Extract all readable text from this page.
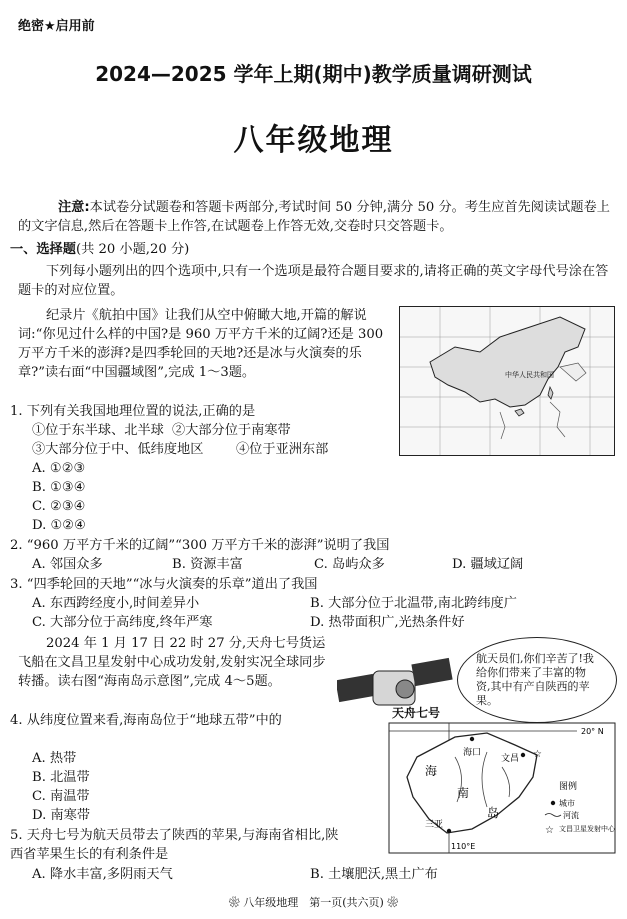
绝密★启用前
2024—2025 学年上期(期中)教学质量调研测试
八年级地理
注意:本试卷分试题卷和答题卡两部分,考试时间 50 分钟,满分 50 分。考生应首先阅读试题卷上的文字信息,然后在答题卡上作答,在试题卷上作答无效,交卷时只交答题卡。
一、选择题(共 20 小题,20 分)
下列每小题列出的四个选项中,只有一个选项是最符合题目要求的,请将正确的英文字母代号涂在答题卡的对应位置。
纪录片《航拍中国》让我们从空中俯瞰大地,开篇的解说词:“你见过什么样的中国?是 960 万平方千米的辽阔?还是 300 万平方千米的澎湃?是四季轮回的天地?还是冰与火演奏的乐章?”读右面“中国疆域图”,完成 1～3题。	中华人民共和国
1. 下列有关我国地理位置的说法,正确的是
①位于东半球、北半球 ②大部分位于南寒带
③大部分位于中、低纬度地区 ④位于亚洲东部
A. ①②③
B. ①③④
C. ②③④
D. ①②④
2. “960 万平方千米的辽阔”“300 万平方千米的澎湃”说明了我国
A. 邻国众多	B. 资源丰富	C. 岛屿众多	D. 疆域辽阔
3. “四季轮回的天地”“冰与火演奏的乐章”道出了我国
A. 东西跨经度小,时间差异小	B. 大部分位于北温带,南北跨纬度广
C. 大部分位于高纬度,终年严寒	D. 热带面积广,光热条件好
2024 年 1 月 17 日 22 时 27 分,天舟七号货运飞船在文昌卫星发射中心成功发射,发射实况全球同步转播。读右图“海南岛示意图”,完成 4～5题。
航天员们,你们辛苦了!我给你们带来了丰富的物资,其中有产自陕西的苹果。
天舟七号
20° N
110°E
海口
文昌 ☆
三亚
海
南
岛
图例
城市
河流
☆ 文昌卫星发射中心
4. 从纬度位置来看,海南岛位于“地球五带”中的
A. 热带
B. 北温带
C. 南温带
D. 南寒带
5. 天舟七号为航天员带去了陕西的苹果,与海南省相比,陕西省苹果生长的有利条件是
A. 降水丰富,多阴雨天气	B. 土壤肥沃,黑土广布
❀ 八年级地理　第一页(共六页) ❀
